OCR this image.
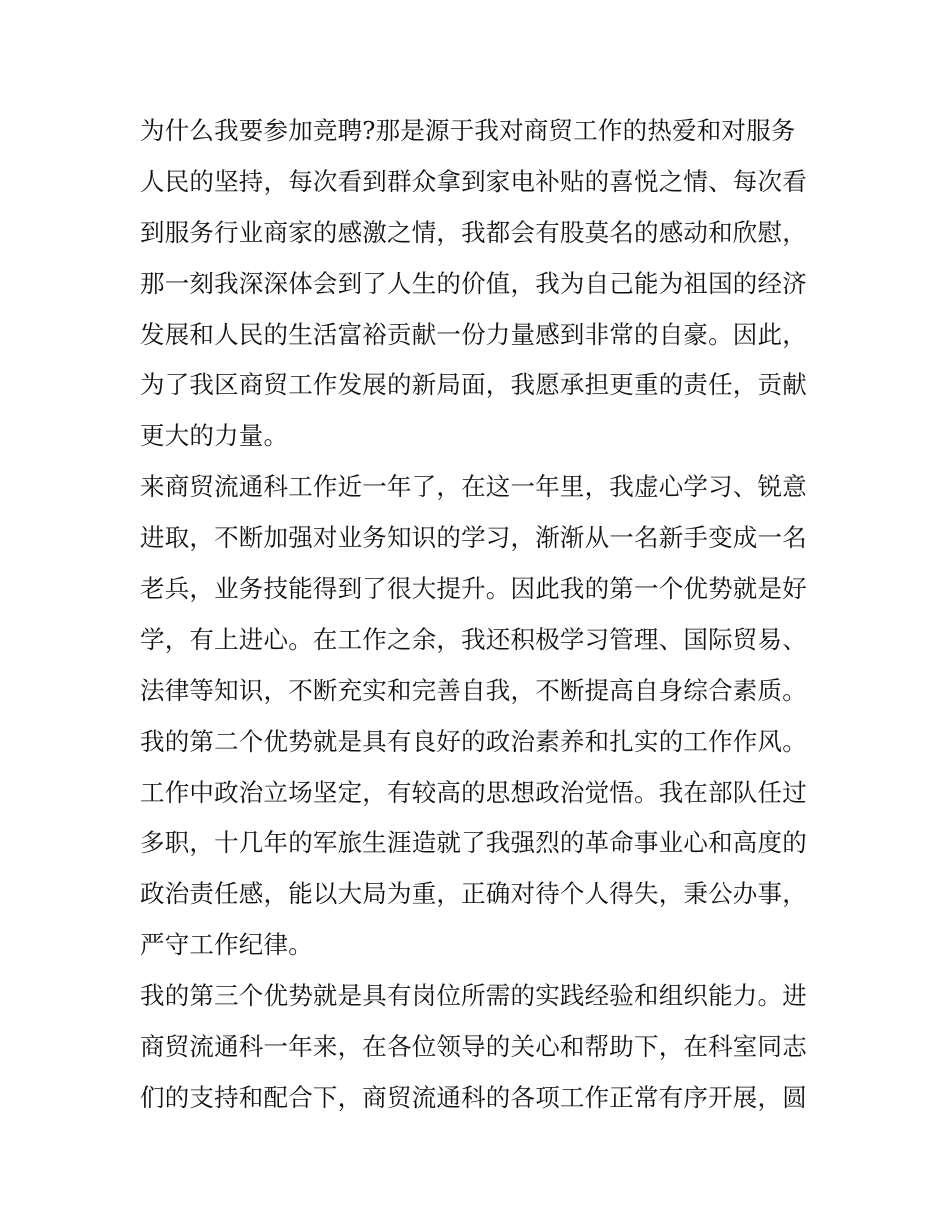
为什么我要参加竞聘?那是源于我对商贸工作的热爱和对服务
人民的坚持，每次看到群众拿到家电补贴的喜悦之情、每次看
到服务行业商家的感激之情，我都会有股莫名的感动和欣慰，
那一刻我深深体会到了人生的价值，我为自己能为祖国的经济
发展和人民的生活富裕贡献一份力量感到非常的自豪。因此，
为了我区商贸工作发展的新局面，我愿承担更重的责任，贡献
更大的力量。
来商贸流通科工作近一年了，在这一年里，我虚心学习、锐意
进取，不断加强对业务知识的学习，渐渐从一名新手变成一名
老兵，业务技能得到了很大提升。因此我的第一个优势就是好
学，有上进心。在工作之余，我还积极学习管理、国际贸易、
法律等知识，不断充实和完善自我，不断提高自身综合素质。
我的第二个优势就是具有良好的政治素养和扎实的工作作风。
工作中政治立场坚定，有较高的思想政治觉悟。我在部队任过
多职，十几年的军旅生涯造就了我强烈的革命事业心和高度的
政治责任感，能以大局为重，正确对待个人得失，秉公办事，
严守工作纪律。
我的第三个优势就是具有岗位所需的实践经验和组织能力。进
商贸流通科一年来，在各位领导的关心和帮助下，在科室同志
们的支持和配合下，商贸流通科的各项工作正常有序开展，圆
